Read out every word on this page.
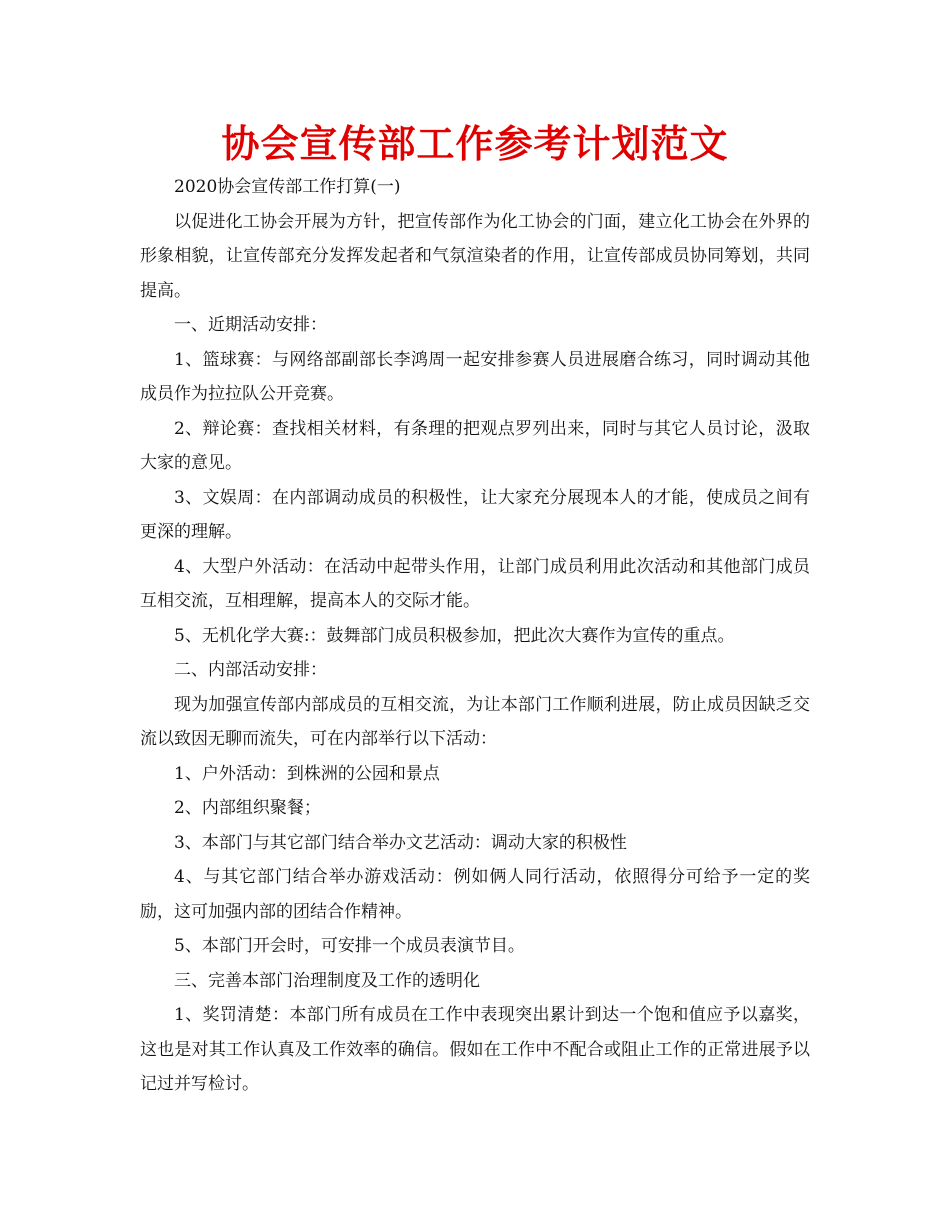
协会宣传部工作参考计划范文

2020协会宣传部工作打算(一)

以促进化工协会开展为方针，把宣传部作为化工协会的门面，建立化工协会在外界的形象相貌，让宣传部充分发挥发起者和气氛渲染者的作用，让宣传部成员协同筹划，共同提高。

一、近期活动安排：

1、篮球赛：与网络部副部长李鸿周一起安排参赛人员进展磨合练习，同时调动其他成员作为拉拉队公开竞赛。

2、辩论赛：查找相关材料，有条理的把观点罗列出来，同时与其它人员讨论，汲取大家的意见。

3、文娱周：在内部调动成员的积极性，让大家充分展现本人的才能，使成员之间有更深的理解。

4、大型户外活动：在活动中起带头作用，让部门成员利用此次活动和其他部门成员互相交流，互相理解，提高本人的交际才能。

5、无机化学大赛:：鼓舞部门成员积极参加，把此次大赛作为宣传的重点。

二、内部活动安排：

现为加强宣传部内部成员的互相交流，为让本部门工作顺利进展，防止成员因缺乏交流以致因无聊而流失，可在内部举行以下活动：

1、户外活动：到株洲的公园和景点

2、内部组织聚餐；

3、本部门与其它部门结合举办文艺活动：调动大家的积极性

4、与其它部门结合举办游戏活动：例如俩人同行活动，依照得分可给予一定的奖励，这可加强内部的团结合作精神。

5、本部门开会时，可安排一个成员表演节目。

三、完善本部门治理制度及工作的透明化

1、奖罚清楚：本部门所有成员在工作中表现突出累计到达一个饱和值应予以嘉奖，这也是对其工作认真及工作效率的确信。假如在工作中不配合或阻止工作的正常进展予以记过并写检讨。
